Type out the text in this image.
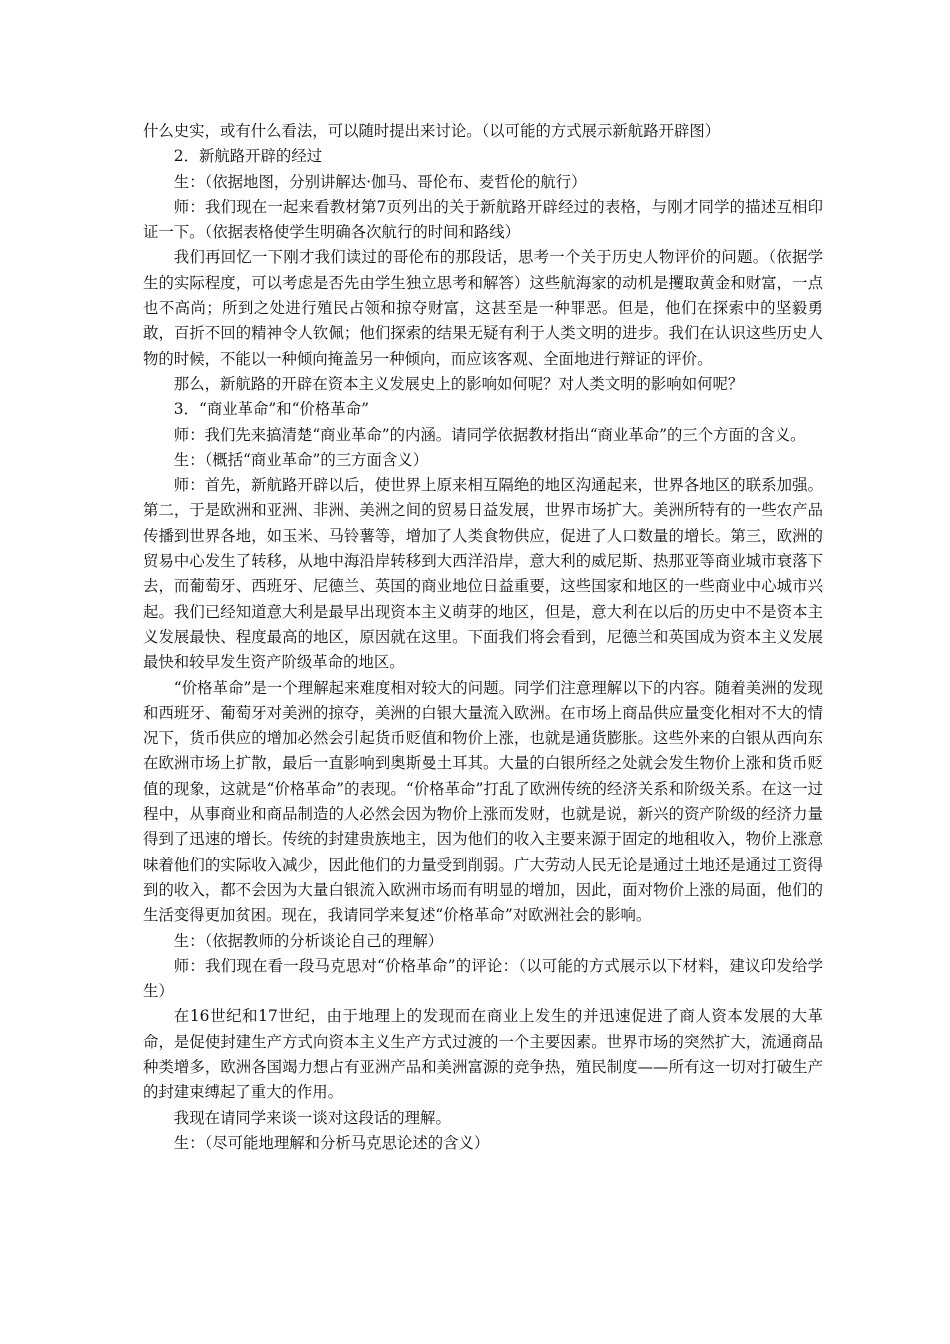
什么史实，或有什么看法，可以随时提出来讨论。（以可能的方式展示新航路开辟图）

2．新航路开辟的经过

生：（依据地图，分别讲解达·伽马、哥伦布、麦哲伦的航行）

师：我们现在一起来看教材第7页列出的关于新航路开辟经过的表格，与刚才同学的描述互相印证一下。（依据表格使学生明确各次航行的时间和路线）

我们再回忆一下刚才我们读过的哥伦布的那段话，思考一个关于历史人物评价的问题。（依据学生的实际程度，可以考虑是否先由学生独立思考和解答）这些航海家的动机是攫取黄金和财富，一点也不高尚；所到之处进行殖民占领和掠夺财富，这甚至是一种罪恶。但是，他们在探索中的坚毅勇敢，百折不回的精神令人钦佩；他们探索的结果无疑有利于人类文明的进步。我们在认识这些历史人物的时候，不能以一种倾向掩盖另一种倾向，而应该客观、全面地进行辩证的评价。

那么，新航路的开辟在资本主义发展史上的影响如何呢？对人类文明的影响如何呢？

3．“商业革命”和“价格革命”

师：我们先来搞清楚“商业革命”的内涵。请同学依据教材指出“商业革命”的三个方面的含义。

生：（概括“商业革命”的三方面含义）

师：首先，新航路开辟以后，使世界上原来相互隔绝的地区沟通起来，世界各地区的联系加强。第二，于是欧洲和亚洲、非洲、美洲之间的贸易日益发展，世界市场扩大。美洲所特有的一些农产品传播到世界各地，如玉米、马铃薯等，增加了人类食物供应，促进了人口数量的增长。第三，欧洲的贸易中心发生了转移，从地中海沿岸转移到大西洋沿岸，意大利的威尼斯、热那亚等商业城市衰落下去，而葡萄牙、西班牙、尼德兰、英国的商业地位日益重要，这些国家和地区的一些商业中心城市兴起。我们已经知道意大利是最早出现资本主义萌芽的地区，但是，意大利在以后的历史中不是资本主义发展最快、程度最高的地区，原因就在这里。下面我们将会看到，尼德兰和英国成为资本主义发展最快和较早发生资产阶级革命的地区。

“价格革命”是一个理解起来难度相对较大的问题。同学们注意理解以下的内容。随着美洲的发现和西班牙、葡萄牙对美洲的掠夺，美洲的白银大量流入欧洲。在市场上商品供应量变化相对不大的情况下，货币供应的增加必然会引起货币贬值和物价上涨，也就是通货膨胀。这些外来的白银从西向东在欧洲市场上扩散，最后一直影响到奥斯曼土耳其。大量的白银所经之处就会发生物价上涨和货币贬值的现象，这就是“价格革命”的表现。“价格革命”打乱了欧洲传统的经济关系和阶级关系。在这一过程中，从事商业和商品制造的人必然会因为物价上涨而发财，也就是说，新兴的资产阶级的经济力量得到了迅速的增长。传统的封建贵族地主，因为他们的收入主要来源于固定的地租收入，物价上涨意味着他们的实际收入减少，因此他们的力量受到削弱。广大劳动人民无论是通过土地还是通过工资得到的收入，都不会因为大量白银流入欧洲市场而有明显的增加，因此，面对物价上涨的局面，他们的生活变得更加贫困。现在，我请同学来复述“价格革命”对欧洲社会的影响。

生：（依据教师的分析谈论自己的理解）

师：我们现在看一段马克思对“价格革命”的评论：（以可能的方式展示以下材料，建议印发给学生）

在16世纪和17世纪，由于地理上的发现而在商业上发生的并迅速促进了商人资本发展的大革命，是促使封建生产方式向资本主义生产方式过渡的一个主要因素。世界市场的突然扩大，流通商品种类增多，欧洲各国竭力想占有亚洲产品和美洲富源的竞争热，殖民制度——所有这一切对打破生产的封建束缚起了重大的作用。

我现在请同学来谈一谈对这段话的理解。

生：（尽可能地理解和分析马克思论述的含义）
